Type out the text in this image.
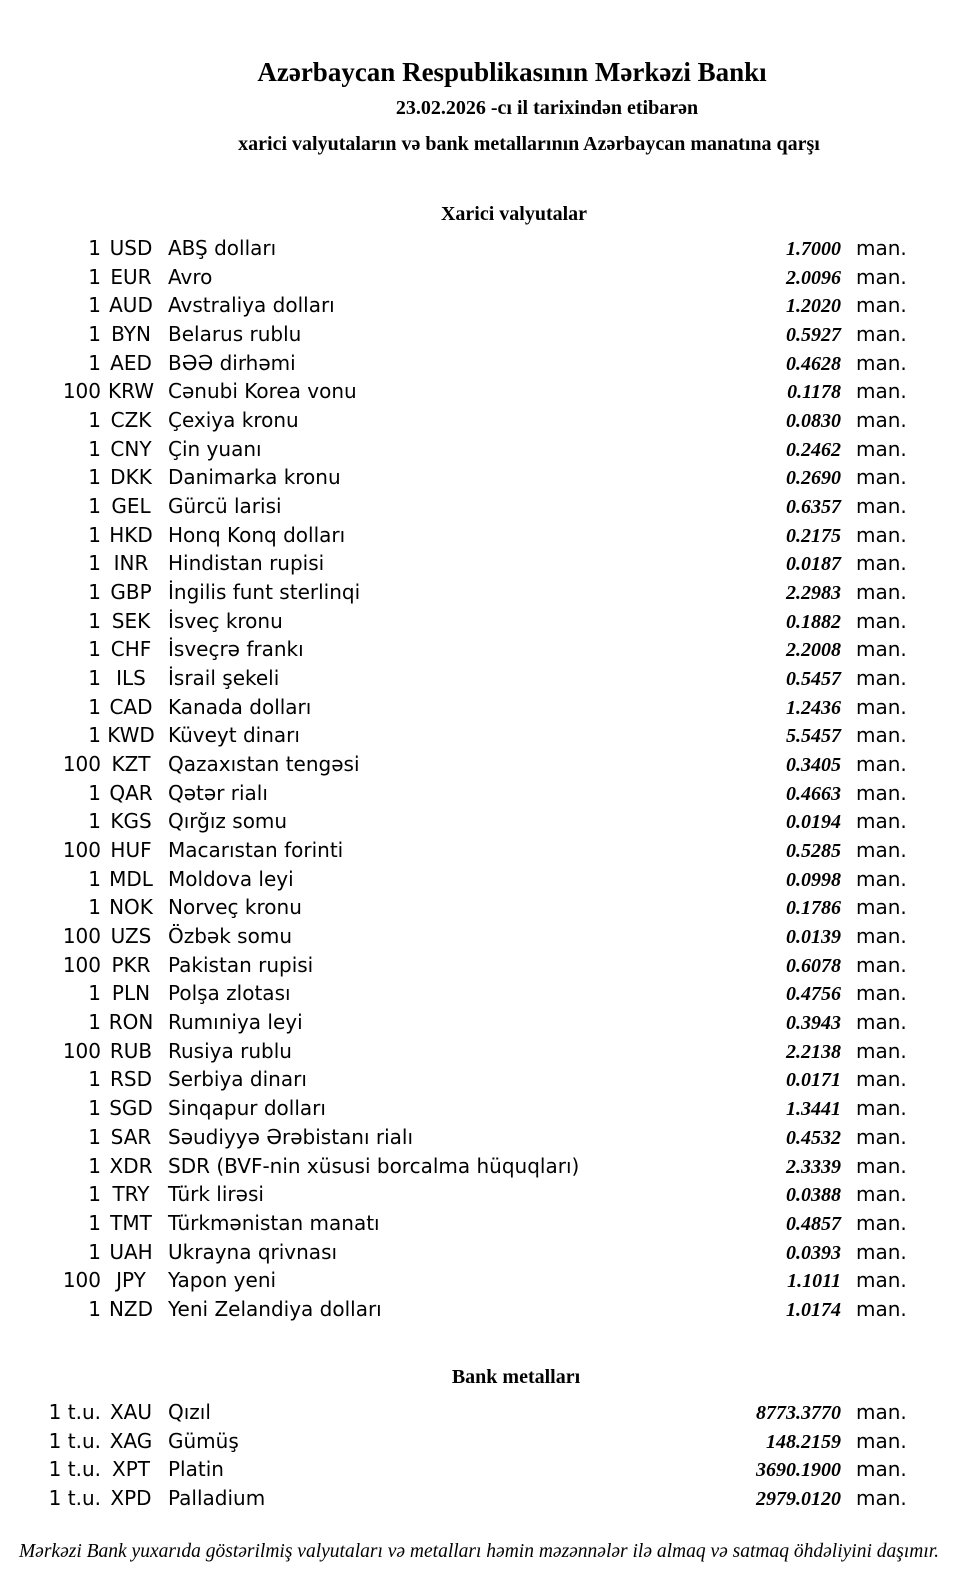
Azərbaycan Respublikasının Mərkəzi Bankı
23.02.2026 -cı il tarixindən etibarən
xarici valyutaların və bank metallarının Azərbaycan manatına qarşı
Xarici valyutalar
1 USD ABŞ dolları	1.7000 man.
1 EUR Avro	2.0096 man.
1 AUD Avstraliya dolları	1.2020 man.
1 BYN Belarus rublu	0.5927 man.
1 AED BƏƏ dirhəmi	0.4628 man.
100 KRW Cənubi Korea vonu	0.1178 man.
1 CZK Çexiya kronu	0.0830 man.
1 CNY Çin yuanı	0.2462 man.
1 DKK Danimarka kronu	0.2690 man.
1 GEL Gürcü larisi	0.6357 man.
1 HKD Honq Konq dolları	0.2175 man.
1 INR Hindistan rupisi	0.0187 man.
1 GBP İngilis funt sterlinqi	2.2983 man.
1 SEK İsveç kronu	0.1882 man.
1 CHF İsveçrə frankı	2.2008 man.
1 ILS	İsrail şekeli	0.5457 man.
1 CAD Kanada dolları	1.2436 man.
1 KWD Küveyt dinarı	5.5457 man.
100 KZT Qazaxıstan tengəsi	0.3405 man.
1 QAR Qətər rialı	0.4663 man.
1 KGS Qırğız somu	0.0194 man.
100 HUF Macarıstan forinti	0.5285 man.
1 MDL Moldova leyi	0.0998 man.
1 NOK Norveç kronu	0.1786 man.
100 UZS Özbək somu	0.0139 man.
100 PKR Pakistan rupisi	0.6078 man.
1 PLN Polşa zlotası	0.4756 man.
1 RON Rumıniya leyi	0.3943 man.
100 RUB Rusiya rublu	2.2138 man.
1 RSD Serbiya dinarı	0.0171 man.
1 SGD Sinqapur dolları	1.3441 man.
1 SAR Səudiyyə Ərəbistanı rialı	0.4532 man.
1 XDR SDR (BVF-nin xüsusi borcalma hüquqları)	2.3339 man.
1 TRY Türk lirəsi	0.0388 man.
1 TMT Türkmənistan manatı	0.4857 man.
1 UAH Ukrayna qrivnası	0.0393 man.
100 JPY	Yapon yeni	1.1011 man.
1 NZD Yeni Zelandiya dolları	1.0174 man.
Bank metalları
1 t.u. XAU Qızıl	8773.3770 man.
1 t.u. XAG Gümüş	148.2159 man.
1 t.u. XPT Platin	3690.1900 man.
1 t.u. XPD Palladium	2979.0120 man.
Mərkəzi Bank yuxarıda göstərilmiş valyutaları və metalları həmin məzənnələr ilə almaq və satmaq öhdəliyini daşımır.
